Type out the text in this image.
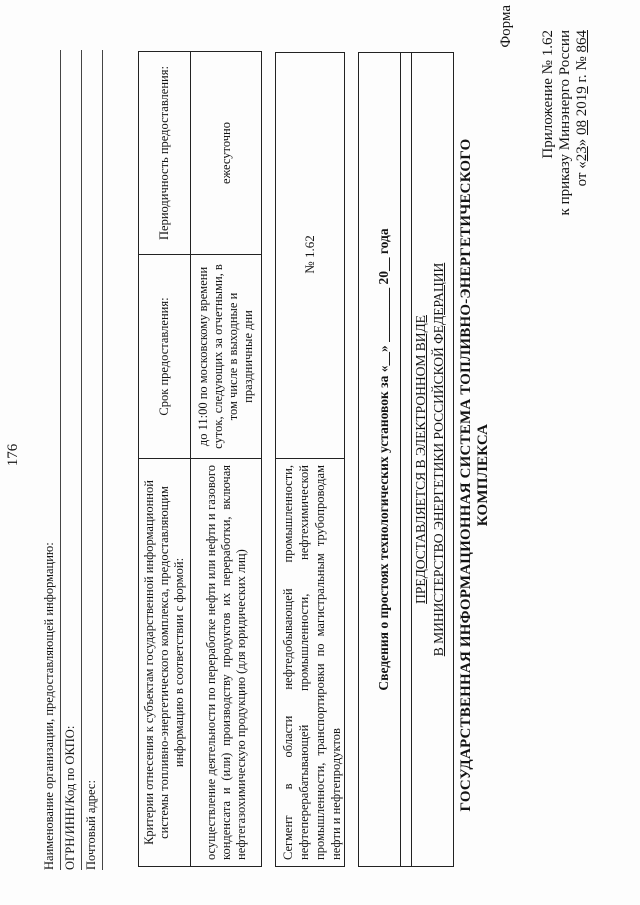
176
Приложение № 1.62 к приказу Минэнерго России от «23» 08 2019 г. № 864
Форма
ГОСУДАРСТВЕННАЯ ИНФОРМАЦИОННАЯ СИСТЕМА ТОПЛИВНО-ЭНЕРГЕТИЧЕСКОГО КОМПЛЕКСА
ПРЕДОСТАВЛЯЕТСЯ В ЭЛЕКТРОННОМ ВИДЕ В МИНИСТЕРСТВО ЭНЕРГЕТИКИ РОССИЙСКОЙ ФЕДЕРАЦИИ
Сведения о простоях технологических установок за «__» ________ 20__ года
Сегмент в области нефтедобывающей промышленности, нефтеперерабатывающей промышленности, нефтехимической промышленности, транспортировки по магистральным трубопроводам нефти и нефтепродуктов
№ 1.62
Критерии отнесения к субъектам государственной информационной системы топливно-энергетического комплекса, предоставляющим информацию в соответствии с формой:	Срок предоставления:	Периодичность предоставления:
осуществление деятельности по переработке нефти или нефти и газового конденсата и (или) производству продуктов их переработки, включая нефтегазохимическую продукцию (для юридических лиц)	до 11:00 по московскому времени суток, следующих за отчетными, в том числе в выходные и праздничные дни	ежесуточно
Наименование организации, предоставляющей информацию: ОГРН/ИНН/Код по ОКПО: Почтовый адрес:
